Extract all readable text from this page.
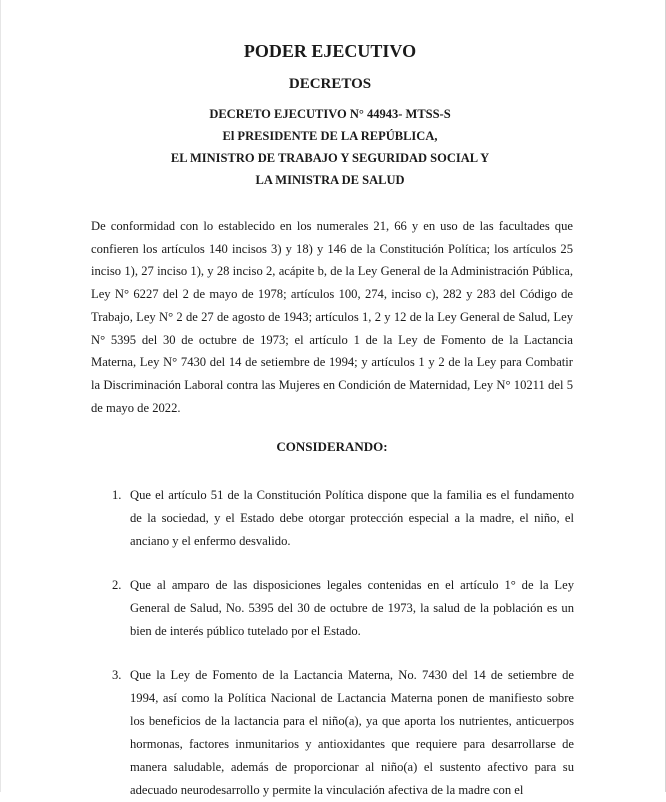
PODER EJECUTIVO
DECRETOS
DECRETO EJECUTIVO N° 44943- MTSS-S
El PRESIDENTE DE LA REPÚBLICA,
EL MINISTRO DE TRABAJO Y SEGURIDAD SOCIAL Y
LA MINISTRA DE SALUD

De conformidad con lo establecido en los numerales 21, 66 y en uso de las facultades que confieren los artículos 140 incisos 3) y 18) y 146 de la Constitución Política; los artículos 25 inciso 1), 27 inciso 1), y 28 inciso 2, acápite b, de la Ley General de la Administración Pública, Ley N° 6227 del 2 de mayo de 1978; artículos 100, 274, inciso c), 282 y 283 del Código de Trabajo, Ley N° 2 de 27 de agosto de 1943; artículos 1, 2 y 12 de la Ley General de Salud, Ley N° 5395 del 30 de octubre de 1973; el artículo 1 de la Ley de Fomento de la Lactancia Materna, Ley N° 7430 del 14 de setiembre de 1994; y artículos 1 y 2 de la Ley para Combatir la Discriminación Laboral contra las Mujeres en Condición de Maternidad, Ley N° 10211 del 5 de mayo de 2022.

CONSIDERANDO:
1. Que el artículo 51 de la Constitución Política dispone que la familia es el fundamento de la sociedad, y el Estado debe otorgar protección especial a la madre, el niño, el anciano y el enfermo desvalido.

2. Que al amparo de las disposiciones legales contenidas en el artículo 1° de la Ley General de Salud, No. 5395 del 30 de octubre de 1973, la salud de la población es un bien de interés público tutelado por el Estado.

3. Que la Ley de Fomento de la Lactancia Materna, No. 7430 del 14 de setiembre de 1994, así como la Política Nacional de Lactancia Materna ponen de manifiesto sobre los beneficios de la lactancia para el niño(a), ya que aporta los nutrientes, anticuerpos hormonas, factores inmunitarios y antioxidantes que requiere para desarrollarse de manera saludable, además de proporcionar al niño(a) el sustento afectivo para su adecuado neurodesarrollo y permite la vinculación afectiva de la madre con el
